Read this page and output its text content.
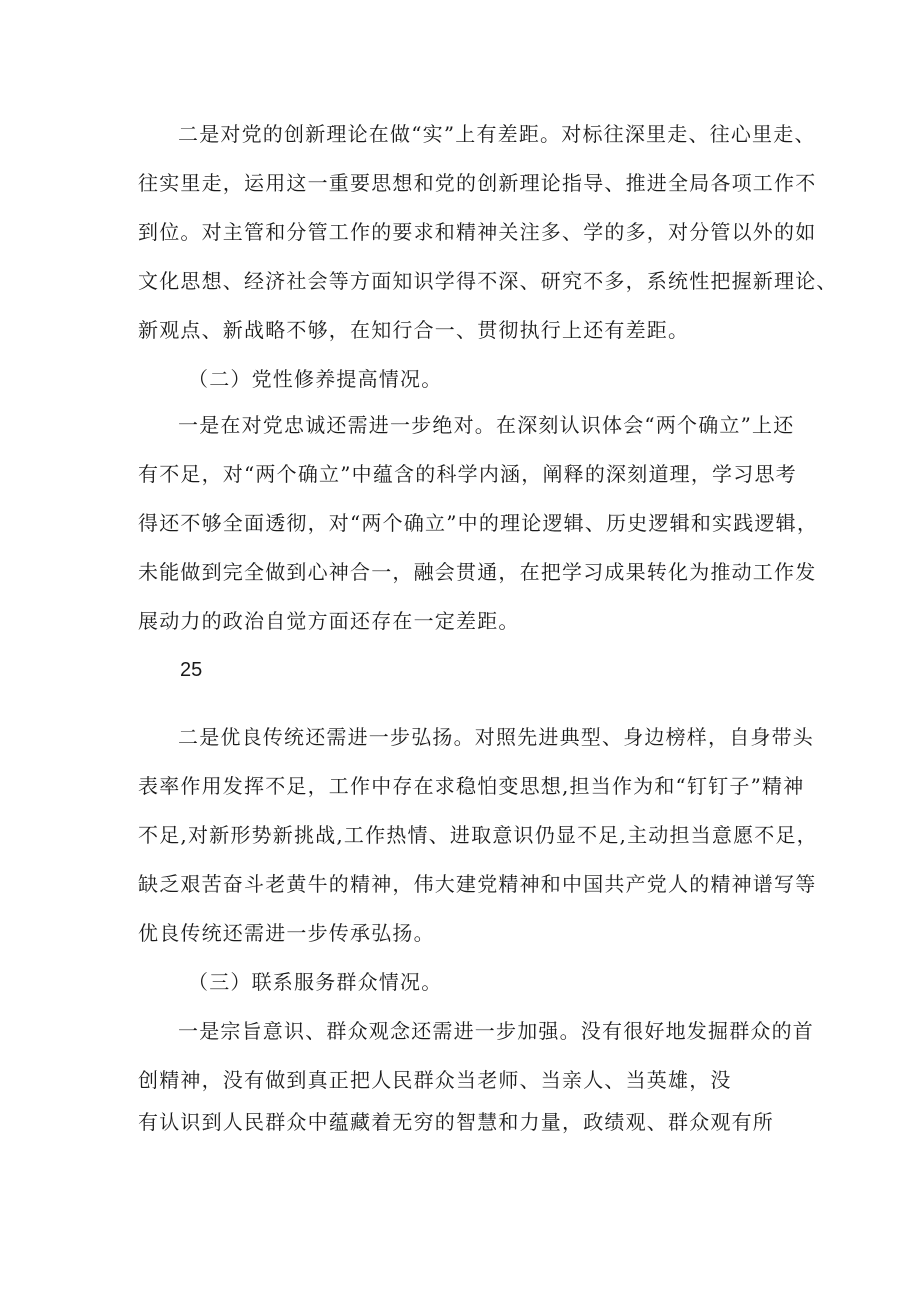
二是对党的创新理论在做“实”上有差距。对标往深里走、往心里走、
往实里走，运用这一重要思想和党的创新理论指导、推进全局各项工作不
到位。对主管和分管工作的要求和精神关注多、学的多，对分管以外的如
文化思想、经济社会等方面知识学得不深、研究不多，系统性把握新理论、
新观点、新战略不够，在知行合一、贯彻执行上还有差距。
（二）党性修养提高情况。
一是在对党忠诚还需进一步绝对。在深刻认识体会“两个确立”上还
有不足，对“两个确立”中蕴含的科学内涵，阐释的深刻道理，学习思考
得还不够全面透彻，对“两个确立”中的理论逻辑、历史逻辑和实践逻辑，
未能做到完全做到心神合一，融会贯通，在把学习成果转化为推动工作发
展动力的政治自觉方面还存在一定差距。
25
二是优良传统还需进一步弘扬。对照先进典型、身边榜样，自身带头
表率作用发挥不足，工作中存在求稳怕变思想,担当作为和“钉钉子”精神
不足,对新形势新挑战,工作热情、进取意识仍显不足,主动担当意愿不足，
缺乏艰苦奋斗老黄牛的精神，伟大建党精神和中国共产党人的精神谱写等
优良传统还需进一步传承弘扬。
（三）联系服务群众情况。
一是宗旨意识、群众观念还需进一步加强。没有很好地发掘群众的首
创精神，没有做到真正把人民群众当老师、当亲人、当英雄，没
有认识到人民群众中蕴藏着无穷的智慧和力量，政绩观、群众观有所
